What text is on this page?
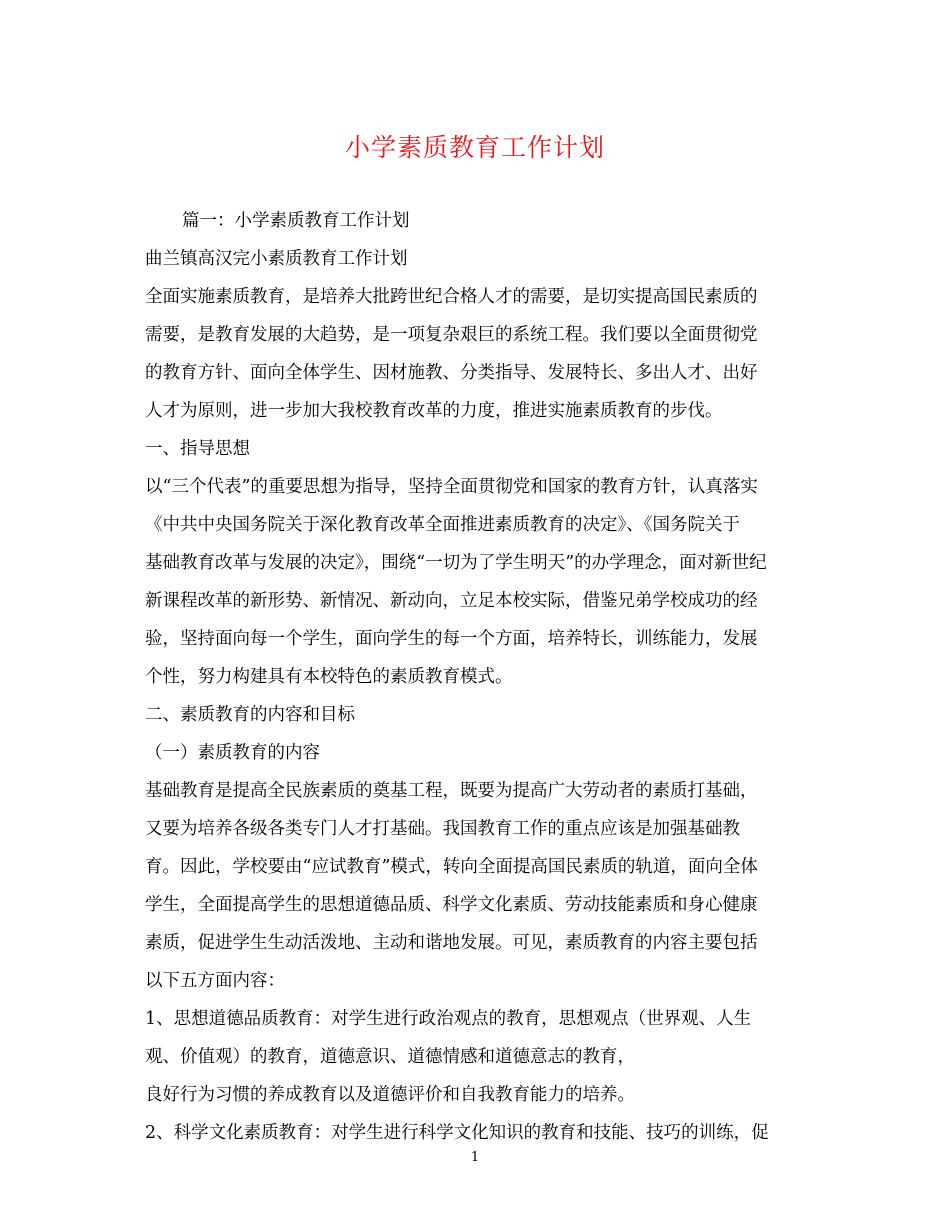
小学素质教育工作计划
篇一：小学素质教育工作计划
曲兰镇高汉完小素质教育工作计划
全面实施素质教育，是培养大批跨世纪合格人才的需要，是切实提高国民素质的
需要，是教育发展的大趋势，是一项复杂艰巨的系统工程。我们要以全面贯彻党
的教育方针、面向全体学生、因材施教、分类指导、发展特长、多出人才、出好
人才为原则，进一步加大我校教育改革的力度，推进实施素质教育的步伐。
一、指导思想
以“三个代表”的重要思想为指导，坚持全面贯彻党和国家的教育方针，认真落实
《中共中央国务院关于深化教育改革全面推进素质教育的决定》、《国务院关于
基础教育改革与发展的决定》，围绕“一切为了学生明天”的办学理念，面对新世纪
新课程改革的新形势、新情况、新动向，立足本校实际，借鉴兄弟学校成功的经
验，坚持面向每一个学生，面向学生的每一个方面，培养特长，训练能力，发展
个性，努力构建具有本校特色的素质教育模式。
二、素质教育的内容和目标
（一）素质教育的内容
基础教育是提高全民族素质的奠基工程，既要为提高广大劳动者的素质打基础，
又要为培养各级各类专门人才打基础。我国教育工作的重点应该是加强基础教
育。因此，学校要由“应试教育”模式，转向全面提高国民素质的轨道，面向全体
学生，全面提高学生的思想道德品质、科学文化素质、劳动技能素质和身心健康
素质，促进学生生动活泼地、主动和谐地发展。可见，素质教育的内容主要包括
以下五方面内容：
1、思想道德品质教育：对学生进行政治观点的教育，思想观点（世界观、人生
观、价值观）的教育，道德意识、道德情感和道德意志的教育，
良好行为习惯的养成教育以及道德评价和自我教育能力的培养。
2、科学文化素质教育：对学生进行科学文化知识的教育和技能、技巧的训练，促
1
